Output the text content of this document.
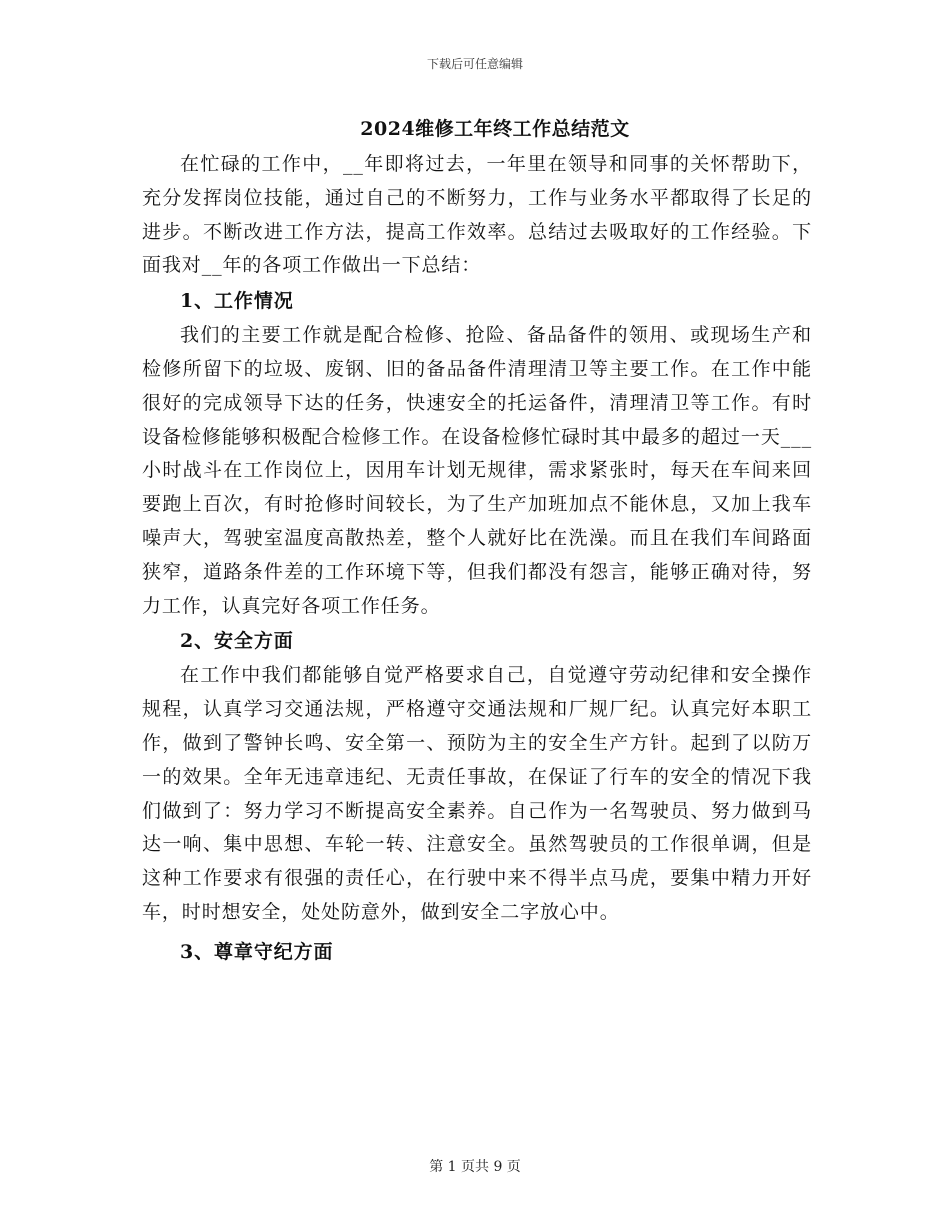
下载后可任意编辑
2024维修工年终工作总结范文

在忙碌的工作中，__年即将过去，一年里在领导和同事的关怀帮助下，充分发挥岗位技能，通过自己的不断努力，工作与业务水平都取得了长足的进步。不断改进工作方法，提高工作效率。总结过去吸取好的工作经验。下面我对__年的各项工作做出一下总结：

1、工作情况

我们的主要工作就是配合检修、抢险、备品备件的领用、或现场生产和检修所留下的垃圾、废钢、旧的备品备件清理清卫等主要工作。在工作中能很好的完成领导下达的任务，快速安全的托运备件，清理清卫等工作。有时设备检修能够积极配合检修工作。在设备检修忙碌时其中最多的超过一天___小时战斗在工作岗位上，因用车计划无规律，需求紧张时，每天在车间来回要跑上百次，有时抢修时间较长，为了生产加班加点不能休息，又加上我车噪声大，驾驶室温度高散热差，整个人就好比在洗澡。而且在我们车间路面狭窄，道路条件差的工作环境下等，但我们都没有怨言，能够正确对待，努力工作，认真完好各项工作任务。

2、安全方面

在工作中我们都能够自觉严格要求自己，自觉遵守劳动纪律和安全操作规程，认真学习交通法规，严格遵守交通法规和厂规厂纪。认真完好本职工作，做到了警钟长鸣、安全第一、预防为主的安全生产方针。起到了以防万一的效果。全年无违章违纪、无责任事故，在保证了行车的安全的情况下我们做到了：努力学习不断提高安全素养。自己作为一名驾驶员、努力做到马达一响、集中思想、车轮一转、注意安全。虽然驾驶员的工作很单调，但是这种工作要求有很强的责任心，在行驶中来不得半点马虎，要集中精力开好车，时时想安全，处处防意外，做到安全二字放心中。

3、尊章守纪方面
第 1 页共 9 页
